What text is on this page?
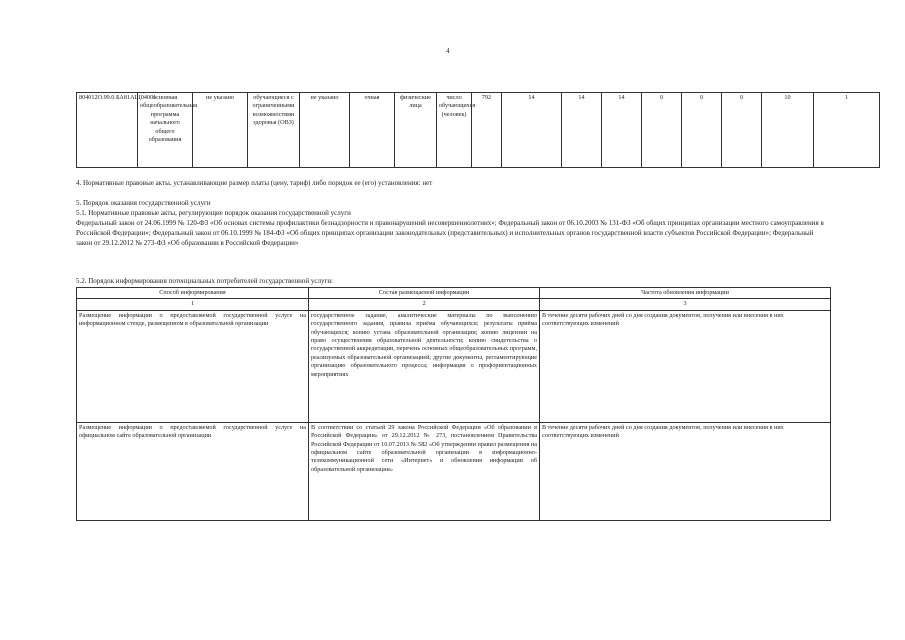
4
804012О.99.0.БА81АЩ04001	основная общеобразовательная программа начального общего образования	не указано	обучающиеся с ограниченными возможностями здоровья (ОВЗ)	не указано	очная	физические лица	число обучающихся (человек)	792	14	14	14	0	0	0	10	1
4. Нормативные правовые акты, устанавливающие размер платы (цену, тариф) либо порядок ее (его) установления: нет
5. Порядок оказания государственной услуги
5.1. Нормативные правовые акты, регулирующие порядок оказания государственной услуги
Федеральный закон от 24.06.1999 № 120-ФЗ «Об основах системы профилактики безнадзорности и правонарушений несовершеннолетних»; Федеральный закон от 06.10.2003 № 131-ФЗ «Об общих принципах организации местного самоуправления в Российской Федерации»; Федеральный закон от 06.10.1999 № 184-ФЗ «Об общих принципах организации законодательных (представительных) и исполнительных органов государственной власти субъектов Российской Федерации»; Федеральный закон от 29.12.2012 № 273-ФЗ «Об образовании в Российской Федерации»
5.2. Порядок информирования потенциальных потребителей государственной услуги:
Способ информирования	Состав размещаемой информации	Частота обновления информации
1	2	3
Размещение информации о предоставляемой государственной услуге на информационном стенде, размещенном в образовательной организации	государственное задание, аналитические материалы по выполнению государственного задания, правила приёма обучающихся; результаты приёма обучающихся; копию устава образовательной организации; копию лицензии на право осуществления образовательной деятельности; копию свидетельства о государственной аккредитации, перечень основных общеобразовательных программ, реализуемых образовательной организацией; другие документы, регламентирующие организацию образовательного процесса; информация о профориентационных мероприятиях	В течение десяти рабочих дней со дня создания документов, получения или внесения в них соответствующих изменений
Размещение информации о предоставляемой государственной услуге на официальном сайте образовательной организации	В соответствии со статьей 29 закона Российской Федерации «Об образовании в Российской Федерации» от 29.12.2012 № 273, постановлением Правительства Российской Федерации от 10.07.2013 № 582 «Об утверждении правил размещения на официальном сайте образовательной организации в информационно-телекоммуникационной сети «Интернет» и обновления информации об образовательной организации»	В течение десяти рабочих дней со дня создания документов, получения или внесения в них соответствующих изменений
